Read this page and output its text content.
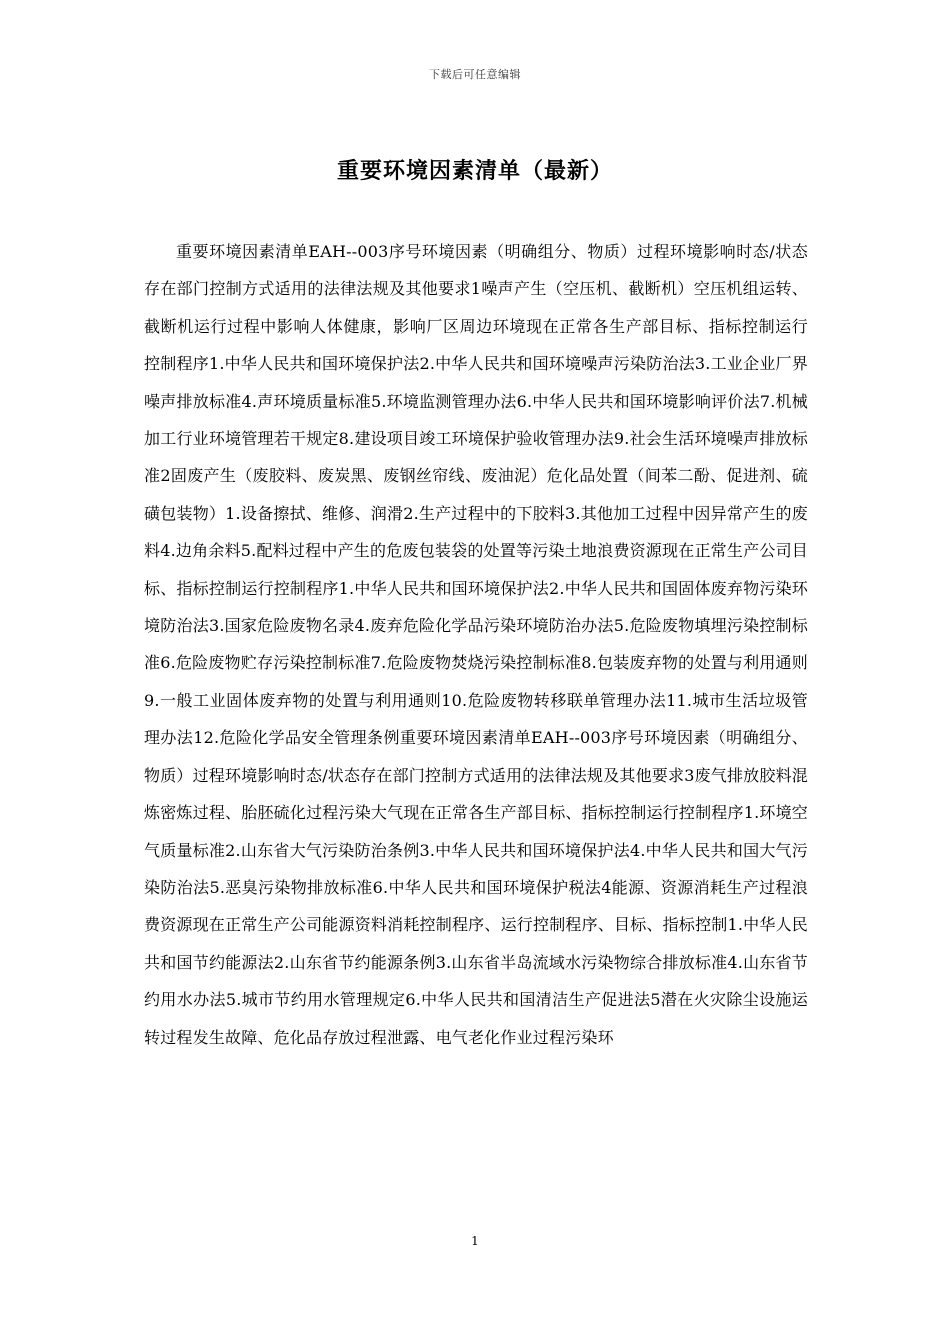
下载后可任意编辑
重要环境因素清单（最新）

重要环境因素清单EAH--003序号环境因素（明确组分、物质）过程环境影响时态/状态存在部门控制方式适用的法律法规及其他要求1噪声产生（空压机、截断机）空压机组运转、截断机运行过程中影响人体健康，影响厂区周边环境现在正常各生产部目标、指标控制运行控制程序1.中华人民共和国环境保护法2.中华人民共和国环境噪声污染防治法3.工业企业厂界噪声排放标准4.声环境质量标准5.环境监测管理办法6.中华人民共和国环境影响评价法7.机械加工行业环境管理若干规定8.建设项目竣工环境保护验收管理办法9.社会生活环境噪声排放标准2固废产生（废胶料、废炭黑、废钢丝帘线、废油泥）危化品处置（间苯二酚、促进剂、硫磺包装物）1.设备擦拭、维修、润滑2.生产过程中的下胶料3.其他加工过程中因异常产生的废料4.边角余料5.配料过程中产生的危废包装袋的处置等污染土地浪费资源现在正常生产公司目标、指标控制运行控制程序1.中华人民共和国环境保护法2.中华人民共和国固体废弃物污染环境防治法3.国家危险废物名录4.废弃危险化学品污染环境防治办法5.危险废物填埋污染控制标准6.危险废物贮存污染控制标准7.危险废物焚烧污染控制标准8.包装废弃物的处置与利用通则9.一般工业固体废弃物的处置与利用通则10.危险废物转移联单管理办法11.城市生活垃圾管理办法12.危险化学品安全管理条例重要环境因素清单EAH--003序号环境因素（明确组分、物质）过程环境影响时态/状态存在部门控制方式适用的法律法规及其他要求3废气排放胶料混炼密炼过程、胎胚硫化过程污染大气现在正常各生产部目标、指标控制运行控制程序1.环境空气质量标准2.山东省大气污染防治条例3.中华人民共和国环境保护法4.中华人民共和国大气污染防治法5.恶臭污染物排放标准6.中华人民共和国环境保护税法4能源、资源消耗生产过程浪费资源现在正常生产公司能源资料消耗控制程序、运行控制程序、目标、指标控制1.中华人民共和国节约能源法2.山东省节约能源条例3.山东省半岛流域水污染物综合排放标准4.山东省节约用水办法5.城市节约用水管理规定6.中华人民共和国清洁生产促进法5潜在火灾除尘设施运转过程发生故障、危化品存放过程泄露、电气老化作业过程污染环

1
